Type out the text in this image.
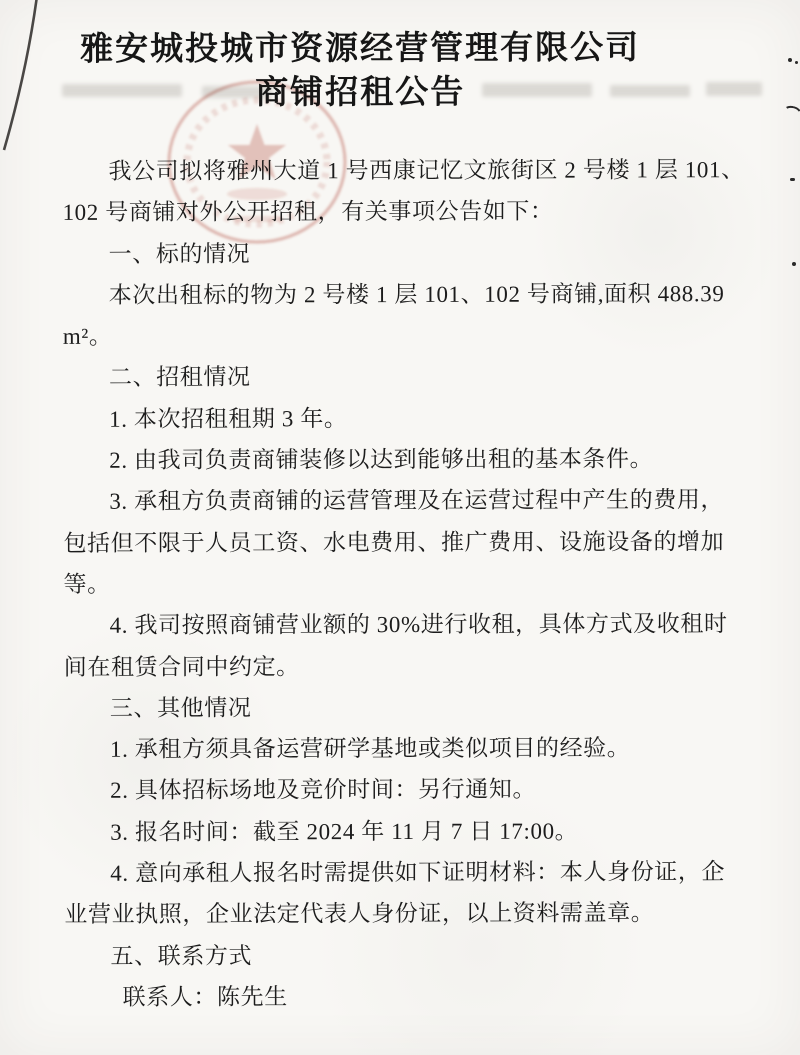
雅安城投城市资源经营管理有限公司
商铺招租公告

我公司拟将雅州大道 1 号西康记忆文旅街区 2 号楼 1 层 101、

102 号商铺对外公开招租，有关事项公告如下：

一、标的情况

本次出租标的物为 2 号楼 1 层 101、102 号商铺,面积 488.39

m²。

二、招租情况

1. 本次招租租期 3 年。

2. 由我司负责商铺装修以达到能够出租的基本条件。

3. 承租方负责商铺的运营管理及在运营过程中产生的费用，

包括但不限于人员工资、水电费用、推广费用、设施设备的增加

等。

4. 我司按照商铺营业额的 30%进行收租，具体方式及收租时

间在租赁合同中约定。

三、其他情况

1. 承租方须具备运营研学基地或类似项目的经验。

2. 具体招标场地及竞价时间：另行通知。

3. 报名时间：截至 2024 年 11 月 7 日 17:00。

4. 意向承租人报名时需提供如下证明材料：本人身份证，企

业营业执照，企业法定代表人身份证，以上资料需盖章。

五、联系方式

联系人：陈先生
